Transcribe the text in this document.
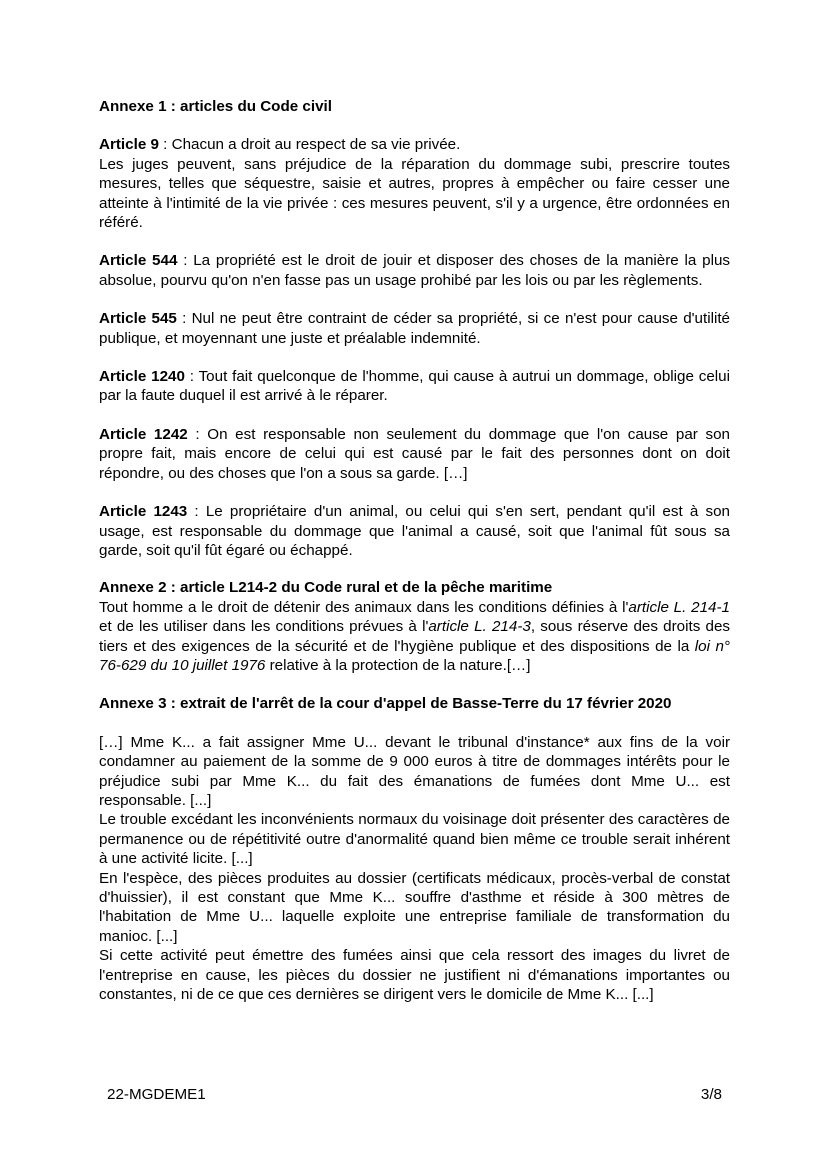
Annexe 1 : articles du Code civil

Article 9 : Chacun a droit au respect de sa vie privée.

Les juges peuvent, sans préjudice de la réparation du dommage subi, prescrire toutes mesures, telles que séquestre, saisie et autres, propres à empêcher ou faire cesser une atteinte à l'intimité de la vie privée : ces mesures peuvent, s'il y a urgence, être ordonnées en référé.

Article 544 : La propriété est le droit de jouir et disposer des choses de la manière la plus absolue, pourvu qu'on n'en fasse pas un usage prohibé par les lois ou par les règlements.

Article 545 : Nul ne peut être contraint de céder sa propriété, si ce n'est pour cause d'utilité publique, et moyennant une juste et préalable indemnité.

Article 1240 : Tout fait quelconque de l'homme, qui cause à autrui un dommage, oblige celui par la faute duquel il est arrivé à le réparer.

Article 1242 : On est responsable non seulement du dommage que l'on cause par son propre fait, mais encore de celui qui est causé par le fait des personnes dont on doit répondre, ou des choses que l'on a sous sa garde. […]

Article 1243 : Le propriétaire d'un animal, ou celui qui s'en sert, pendant qu'il est à son usage, est responsable du dommage que l'animal a causé, soit que l'animal fût sous sa garde, soit qu'il fût égaré ou échappé.

Annexe 2 : article L214-2 du Code rural et de la pêche maritime

Tout homme a le droit de détenir des animaux dans les conditions définies à l'article L. 214-1 et de les utiliser dans les conditions prévues à l'article L. 214-3, sous réserve des droits des tiers et des exigences de la sécurité et de l'hygiène publique et des dispositions de la loi n° 76-629 du 10 juillet 1976 relative à la protection de la nature.[…]

Annexe 3 : extrait de l'arrêt de la cour d'appel de Basse-Terre du 17 février 2020

[…] Mme K... a fait assigner Mme U... devant le tribunal d'instance* aux fins de la voir condamner au paiement de la somme de 9 000 euros à titre de dommages intérêts pour le préjudice subi par Mme K... du fait des émanations de fumées dont Mme U... est responsable. [...]

Le trouble excédant les inconvénients normaux du voisinage doit présenter des caractères de permanence ou de répétitivité outre d'anormalité quand bien même ce trouble serait inhérent à une activité licite. [...]

En l'espèce, des pièces produites au dossier (certificats médicaux, procès-verbal de constat d'huissier), il est constant que Mme K... souffre d'asthme et réside à 300 mètres de l'habitation de Mme U... laquelle exploite une entreprise familiale de transformation du manioc. [...]

Si cette activité peut émettre des fumées ainsi que cela ressort des images du livret de l'entreprise en cause, les pièces du dossier ne justifient ni d'émanations importantes ou constantes, ni de ce que ces dernières se dirigent vers le domicile de Mme K... [...]

22-MGDEME1	3/8
